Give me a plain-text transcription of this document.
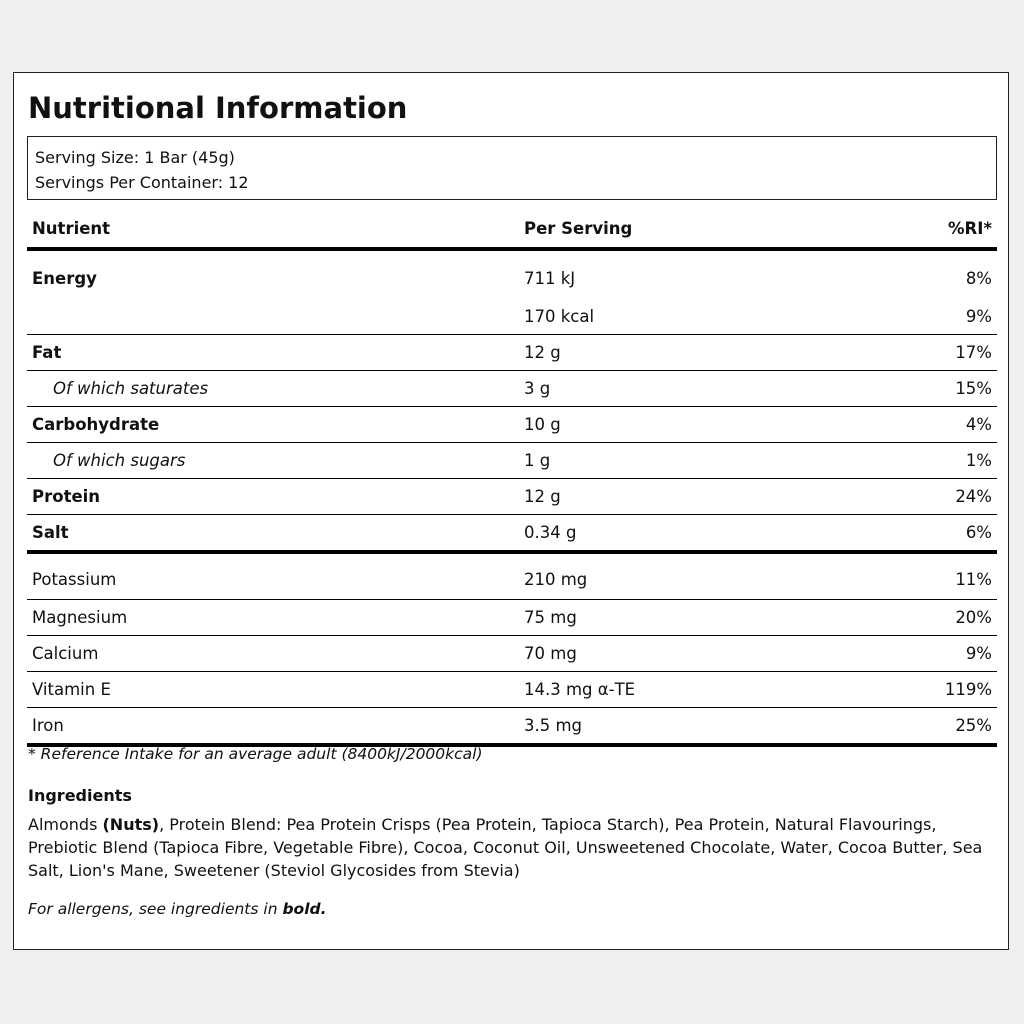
Nutritional Information
Serving Size: 1 Bar (45g)
Servings Per Container: 12
Nutrient	Per Serving	%RI*
Energy	711 kJ	8%
	170 kcal	9%
Fat	12 g	17%
Of which saturates	3 g	15%
Carbohydrate	10 g	4%
Of which sugars	1 g	1%
Protein	12 g	24%
Salt	0.34 g	6%
Potassium	210 mg	11%
Magnesium	75 mg	20%
Calcium	70 mg	9%
Vitamin E	14.3 mg α-TE	119%
Iron	3.5 mg	25%
* Reference Intake for an average adult (8400kJ/2000kcal)
Ingredients
Almonds (Nuts), Protein Blend: Pea Protein Crisps (Pea Protein, Tapioca Starch), Pea Protein, Natural Flavourings, Prebiotic Blend (Tapioca Fibre, Vegetable Fibre), Cocoa, Coconut Oil, Unsweetened Chocolate, Water, Cocoa Butter, Sea Salt, Lion's Mane, Sweetener (Steviol Glycosides from Stevia)
For allergens, see ingredients in bold.
